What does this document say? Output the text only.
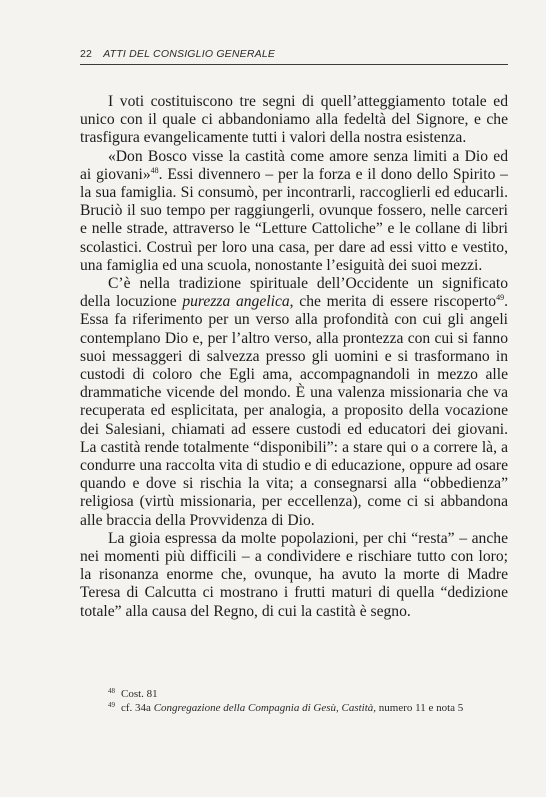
22 ATTI DEL CONSIGLIO GENERALE

I voti costituiscono tre segni di quell’atteggiamento totale ed unico con il quale ci abbandoniamo alla fedeltà del Signore, e che trasfigura evangelicamente tutti i valori della nostra esistenza.

«Don Bosco visse la castità come amore senza limiti a Dio ed ai giovani»$^{48}$. Essi divennero – per la forza e il dono dello Spirito – la sua famiglia. Si consumò, per incontrarli, raccoglierli ed educarli. Bruciò il suo tempo per raggiungerli, ovunque fossero, nelle carceri e nelle strade, attraverso le “Letture Cattoliche” e le collane di libri scolastici. Costruì per loro una casa, per dare ad essi vitto e vestito, una famiglia ed una scuola, nonostante l’esiguità dei suoi mezzi.

C’è nella tradizione spirituale dell’Occidente un significato della locuzione purezza angelica, che merita di essere riscoperto$^{49}$. Essa fa riferimento per un verso alla profondità con cui gli angeli contemplano Dio e, per l’altro verso, alla prontezza con cui si fanno suoi messaggeri di salvezza presso gli uomini e si trasformano in custodi di coloro che Egli ama, accompagnandoli in mezzo alle drammatiche vicende del mondo. È una valenza missionaria che va recuperata ed esplicitata, per analogia, a proposito della vocazione dei Salesiani, chiamati ad essere custodi ed educatori dei giovani. La castità rende totalmente “disponibili”: a stare qui o a correre là, a condurre una raccolta vita di studio e di educazione, oppure ad osare quando e dove si rischia la vita; a consegnarsi alla “obbedienza” religiosa (virtù missionaria, per eccellenza), come ci si abbandona alle braccia della Provvidenza di Dio.

La gioia espressa da molte popolazioni, per chi “resta” – anche nei momenti più difficili – a condividere e rischiare tutto con loro; la risonanza enorme che, ovunque, ha avuto la morte di Madre Teresa di Calcutta ci mostrano i frutti maturi di quella “dedizione totale” alla causa del Regno, di cui la castità è segno.

$^{48}$ Cost. 81
$^{49}$ cf. 34a Congregazione della Compagnia di Gesù, Castità, numero 11 e nota 5
